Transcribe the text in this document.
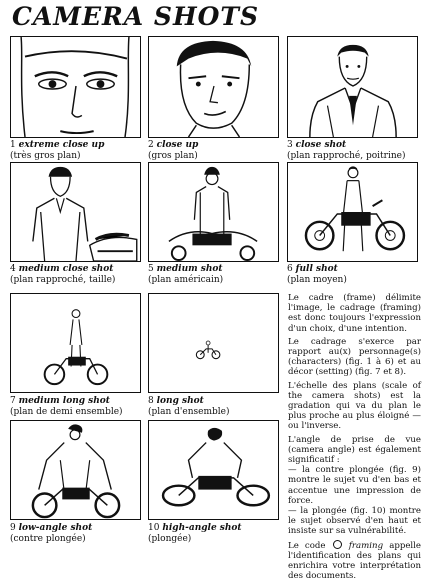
CAMERA SHOTS
1 extreme close up
(très gros plan)
2 close up
(gros plan)
3 close shot
(plan rapproché, poitrine)
4 medium close shot
(plan rapproché, taille)
5 medium shot
(plan américain)
6 full shot
(plan moyen)
7 medium long shot
(plan de demi ensemble)
8 long shot
(plan d'ensemble)
9 low-angle shot
(contre plongée)
10 high-angle shot
(plongée)

Le cadre (frame) délimite l'image, le cadrage (framing) est donc toujours l'expression d'un choix, d'une intention.

Le cadrage s'exerce par rapport au(x) personnage(s) (characters) (fig. 1 à 6) et au décor (setting) (fig. 7 et 8).

L'échelle des plans (scale of the camera shots) est la gradation qui va du plan le plus proche au plus éloigné — ou l'inverse.

L'angle de prise de vue (camera angle) est également significatif :

— la contre plongée (fig. 9) montre le sujet vu d'en bas et accentue une impression de force.

— la plongée (fig. 10) montre le sujet observé d'en haut et insiste sur sa vulnérabilité.

Le code	framing appelle l'identification des plans qui enrichira votre interprétation des documents.
